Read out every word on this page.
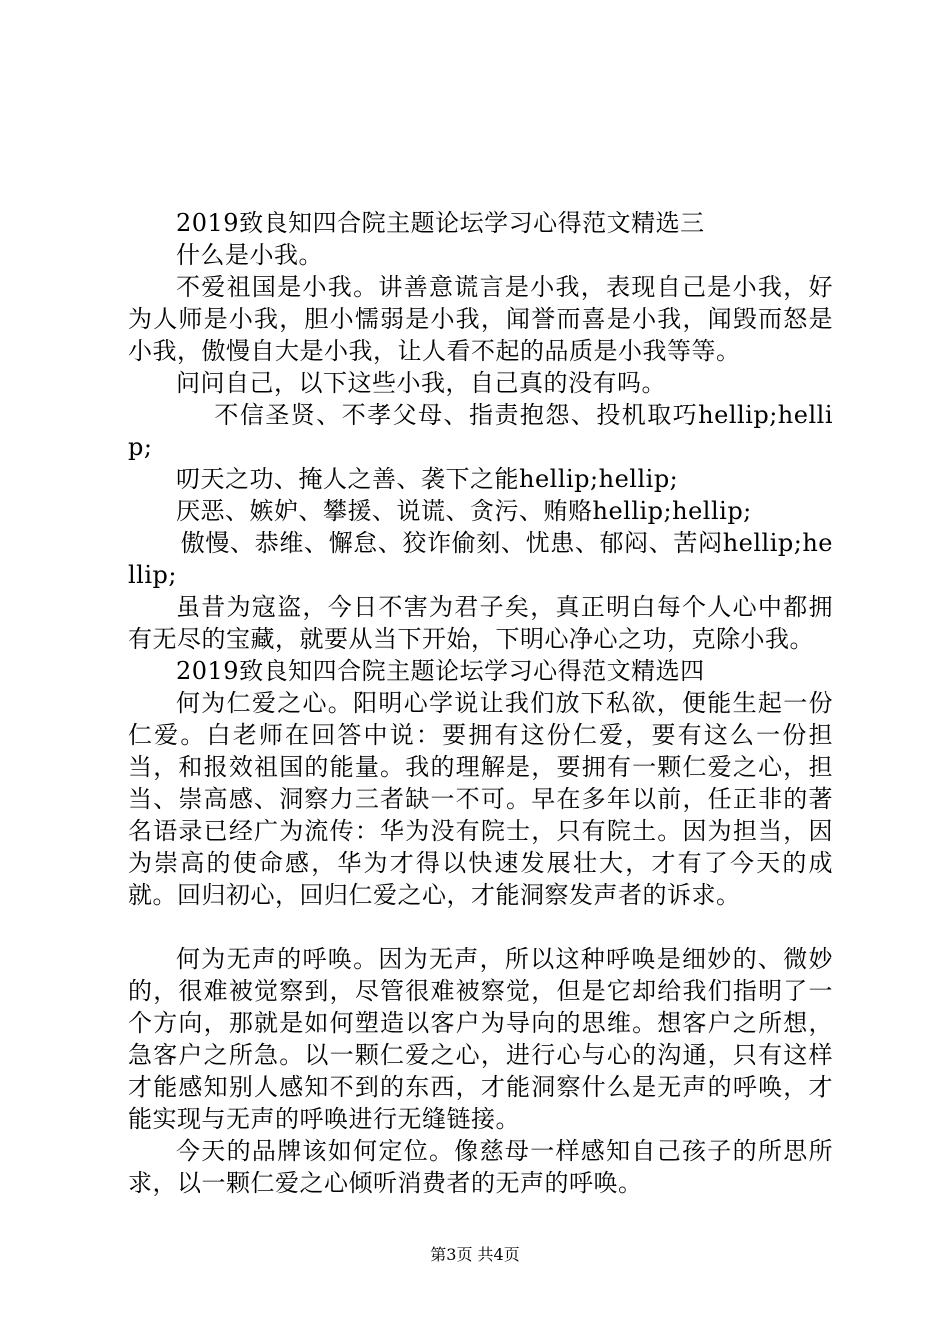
2019致良知四合院主题论坛学习心得范文精选三

什么是小我。

不爱祖国是小我。讲善意谎言是小我，表现自己是小我，好为人师是小我，胆小懦弱是小我，闻誉而喜是小我，闻毁而怒是小我，傲慢自大是小我，让人看不起的品质是小我等等。

问问自己，以下这些小我，自己真的没有吗。

不信圣贤、不孝父母、指责抱怨、投机取巧hellip;hellip;

叨天之功、掩人之善、袭下之能hellip;hellip;

厌恶、嫉妒、攀援、说谎、贪污、贿赂hellip;hellip;

傲慢、恭维、懈怠、狡诈偷刻、忧患、郁闷、苦闷hellip;hellip;

虽昔为寇盗，今日不害为君子矣，真正明白每个人心中都拥有无尽的宝藏，就要从当下开始，下明心净心之功，克除小我。

2019致良知四合院主题论坛学习心得范文精选四

何为仁爱之心。阳明心学说让我们放下私欲，便能生起一份仁爱。白老师在回答中说：要拥有这份仁爱，要有这么一份担当，和报效祖国的能量。我的理解是，要拥有一颗仁爱之心，担当、崇高感、洞察力三者缺一不可。早在多年以前，任正非的著名语录已经广为流传：华为没有院士，只有院土。因为担当，因为崇高的使命感，华为才得以快速发展壮大，才有了今天的成就。回归初心，回归仁爱之心，才能洞察发声者的诉求。

何为无声的呼唤。因为无声，所以这种呼唤是细妙的、微妙的，很难被觉察到，尽管很难被察觉，但是它却给我们指明了一个方向，那就是如何塑造以客户为导向的思维。想客户之所想，急客户之所急。以一颗仁爱之心，进行心与心的沟通，只有这样才能感知别人感知不到的东西，才能洞察什么是无声的呼唤，才能实现与无声的呼唤进行无缝链接。

今天的品牌该如何定位。像慈母一样感知自己孩子的所思所求，以一颗仁爱之心倾听消费者的无声的呼唤。

第3页 共4页
